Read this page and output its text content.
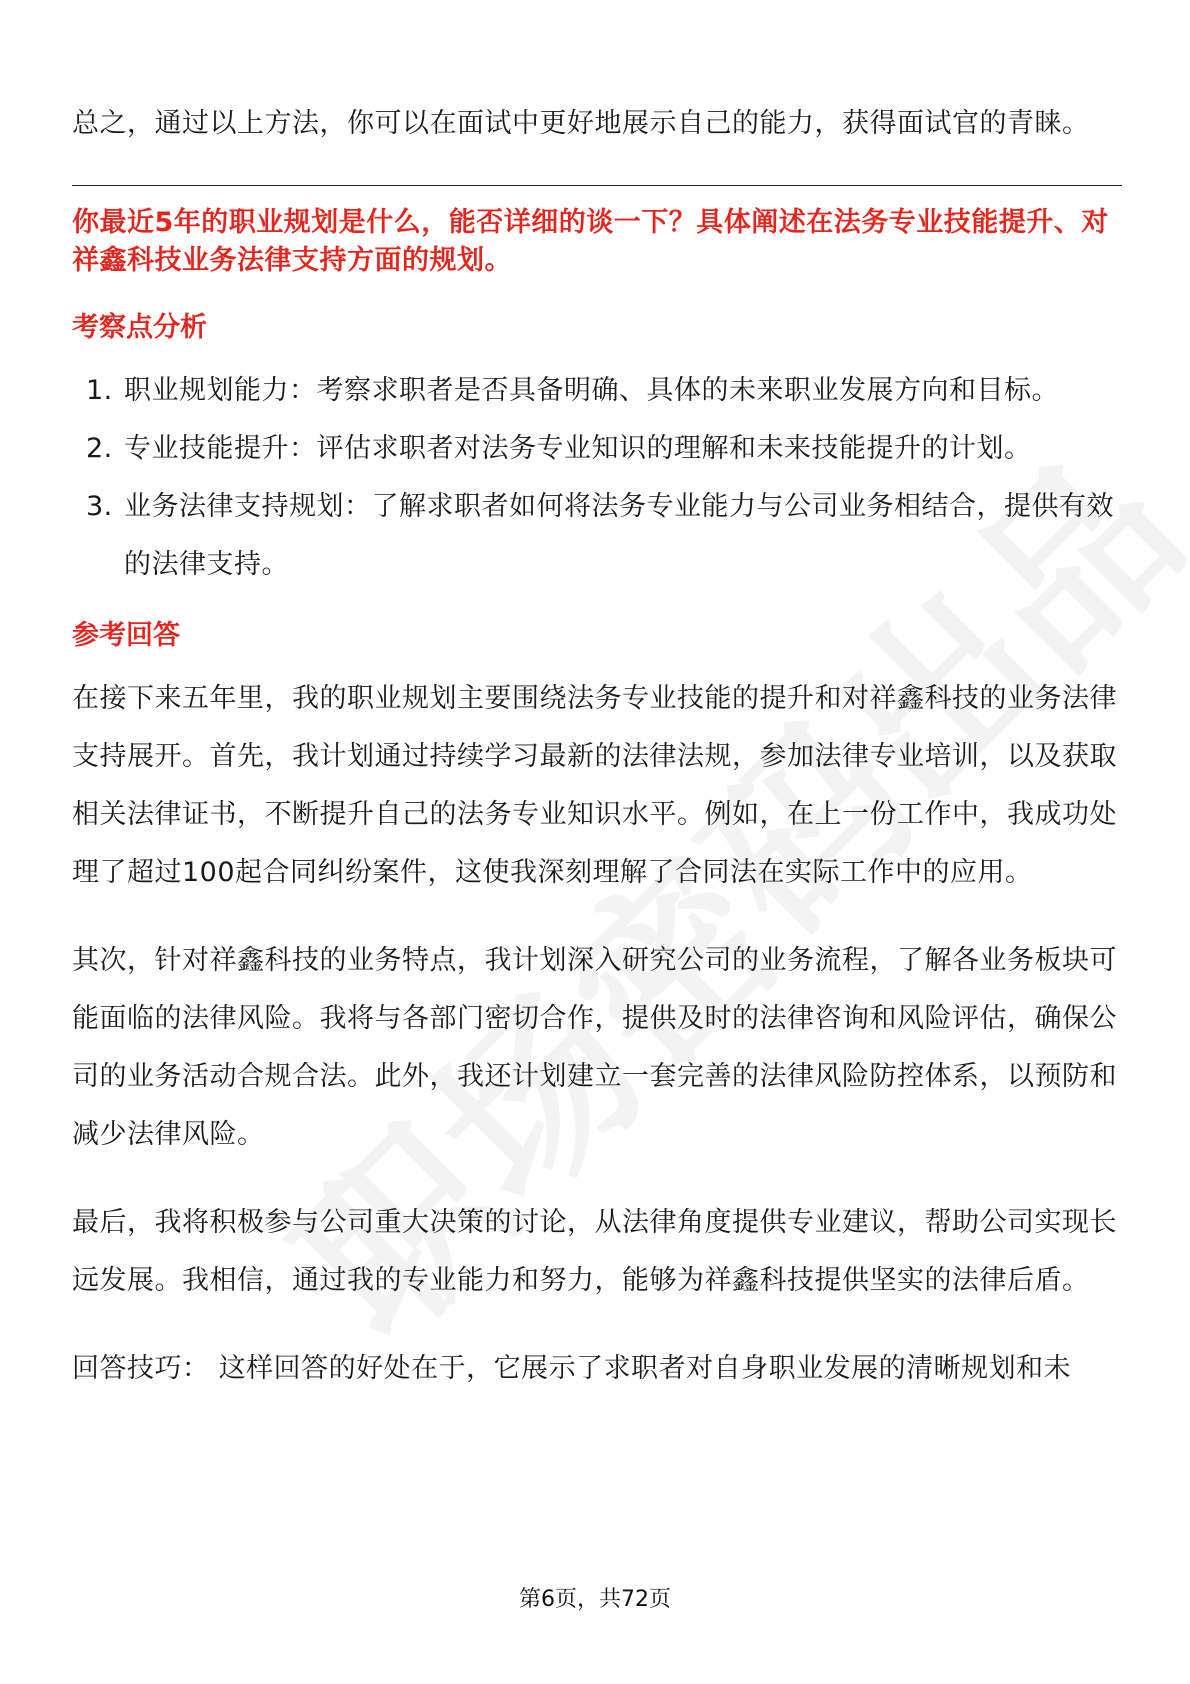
总之，通过以上方法，你可以在面试中更好地展示自己的能力，获得面试官的青睐。

你最近5年的职业规划是什么，能否详细的谈一下？具体阐述在法务专业技能提升、对祥鑫科技业务法律支持方面的规划。

考察点分析
1. 职业规划能力：考察求职者是否具备明确、具体的未来职业发展方向和目标。
2. 专业技能提升：评估求职者对法务专业知识的理解和未来技能提升的计划。
3. 业务法律支持规划：了解求职者如何将法务专业能力与公司业务相结合，提供有效的法律支持。
参考回答

在接下来五年里，我的职业规划主要围绕法务专业技能的提升和对祥鑫科技的业务法律支持展开。首先，我计划通过持续学习最新的法律法规，参加法律专业培训，以及获取相关法律证书，不断提升自己的法务专业知识水平。例如，在上一份工作中，我成功处理了超过100起合同纠纷案件，这使我深刻理解了合同法在实际工作中的应用。

其次，针对祥鑫科技的业务特点，我计划深入研究公司的业务流程，了解各业务板块可能面临的法律风险。我将与各部门密切合作，提供及时的法律咨询和风险评估，确保公司的业务活动合规合法。此外，我还计划建立一套完善的法律风险防控体系，以预防和减少法律风险。

最后，我将积极参与公司重大决策的讨论，从法律角度提供专业建议，帮助公司实现长远发展。我相信，通过我的专业能力和努力，能够为祥鑫科技提供坚实的法律后盾。

回答技巧： 这样回答的好处在于，它展示了求职者对自身职业发展的清晰规划和未

第6页，共72页
